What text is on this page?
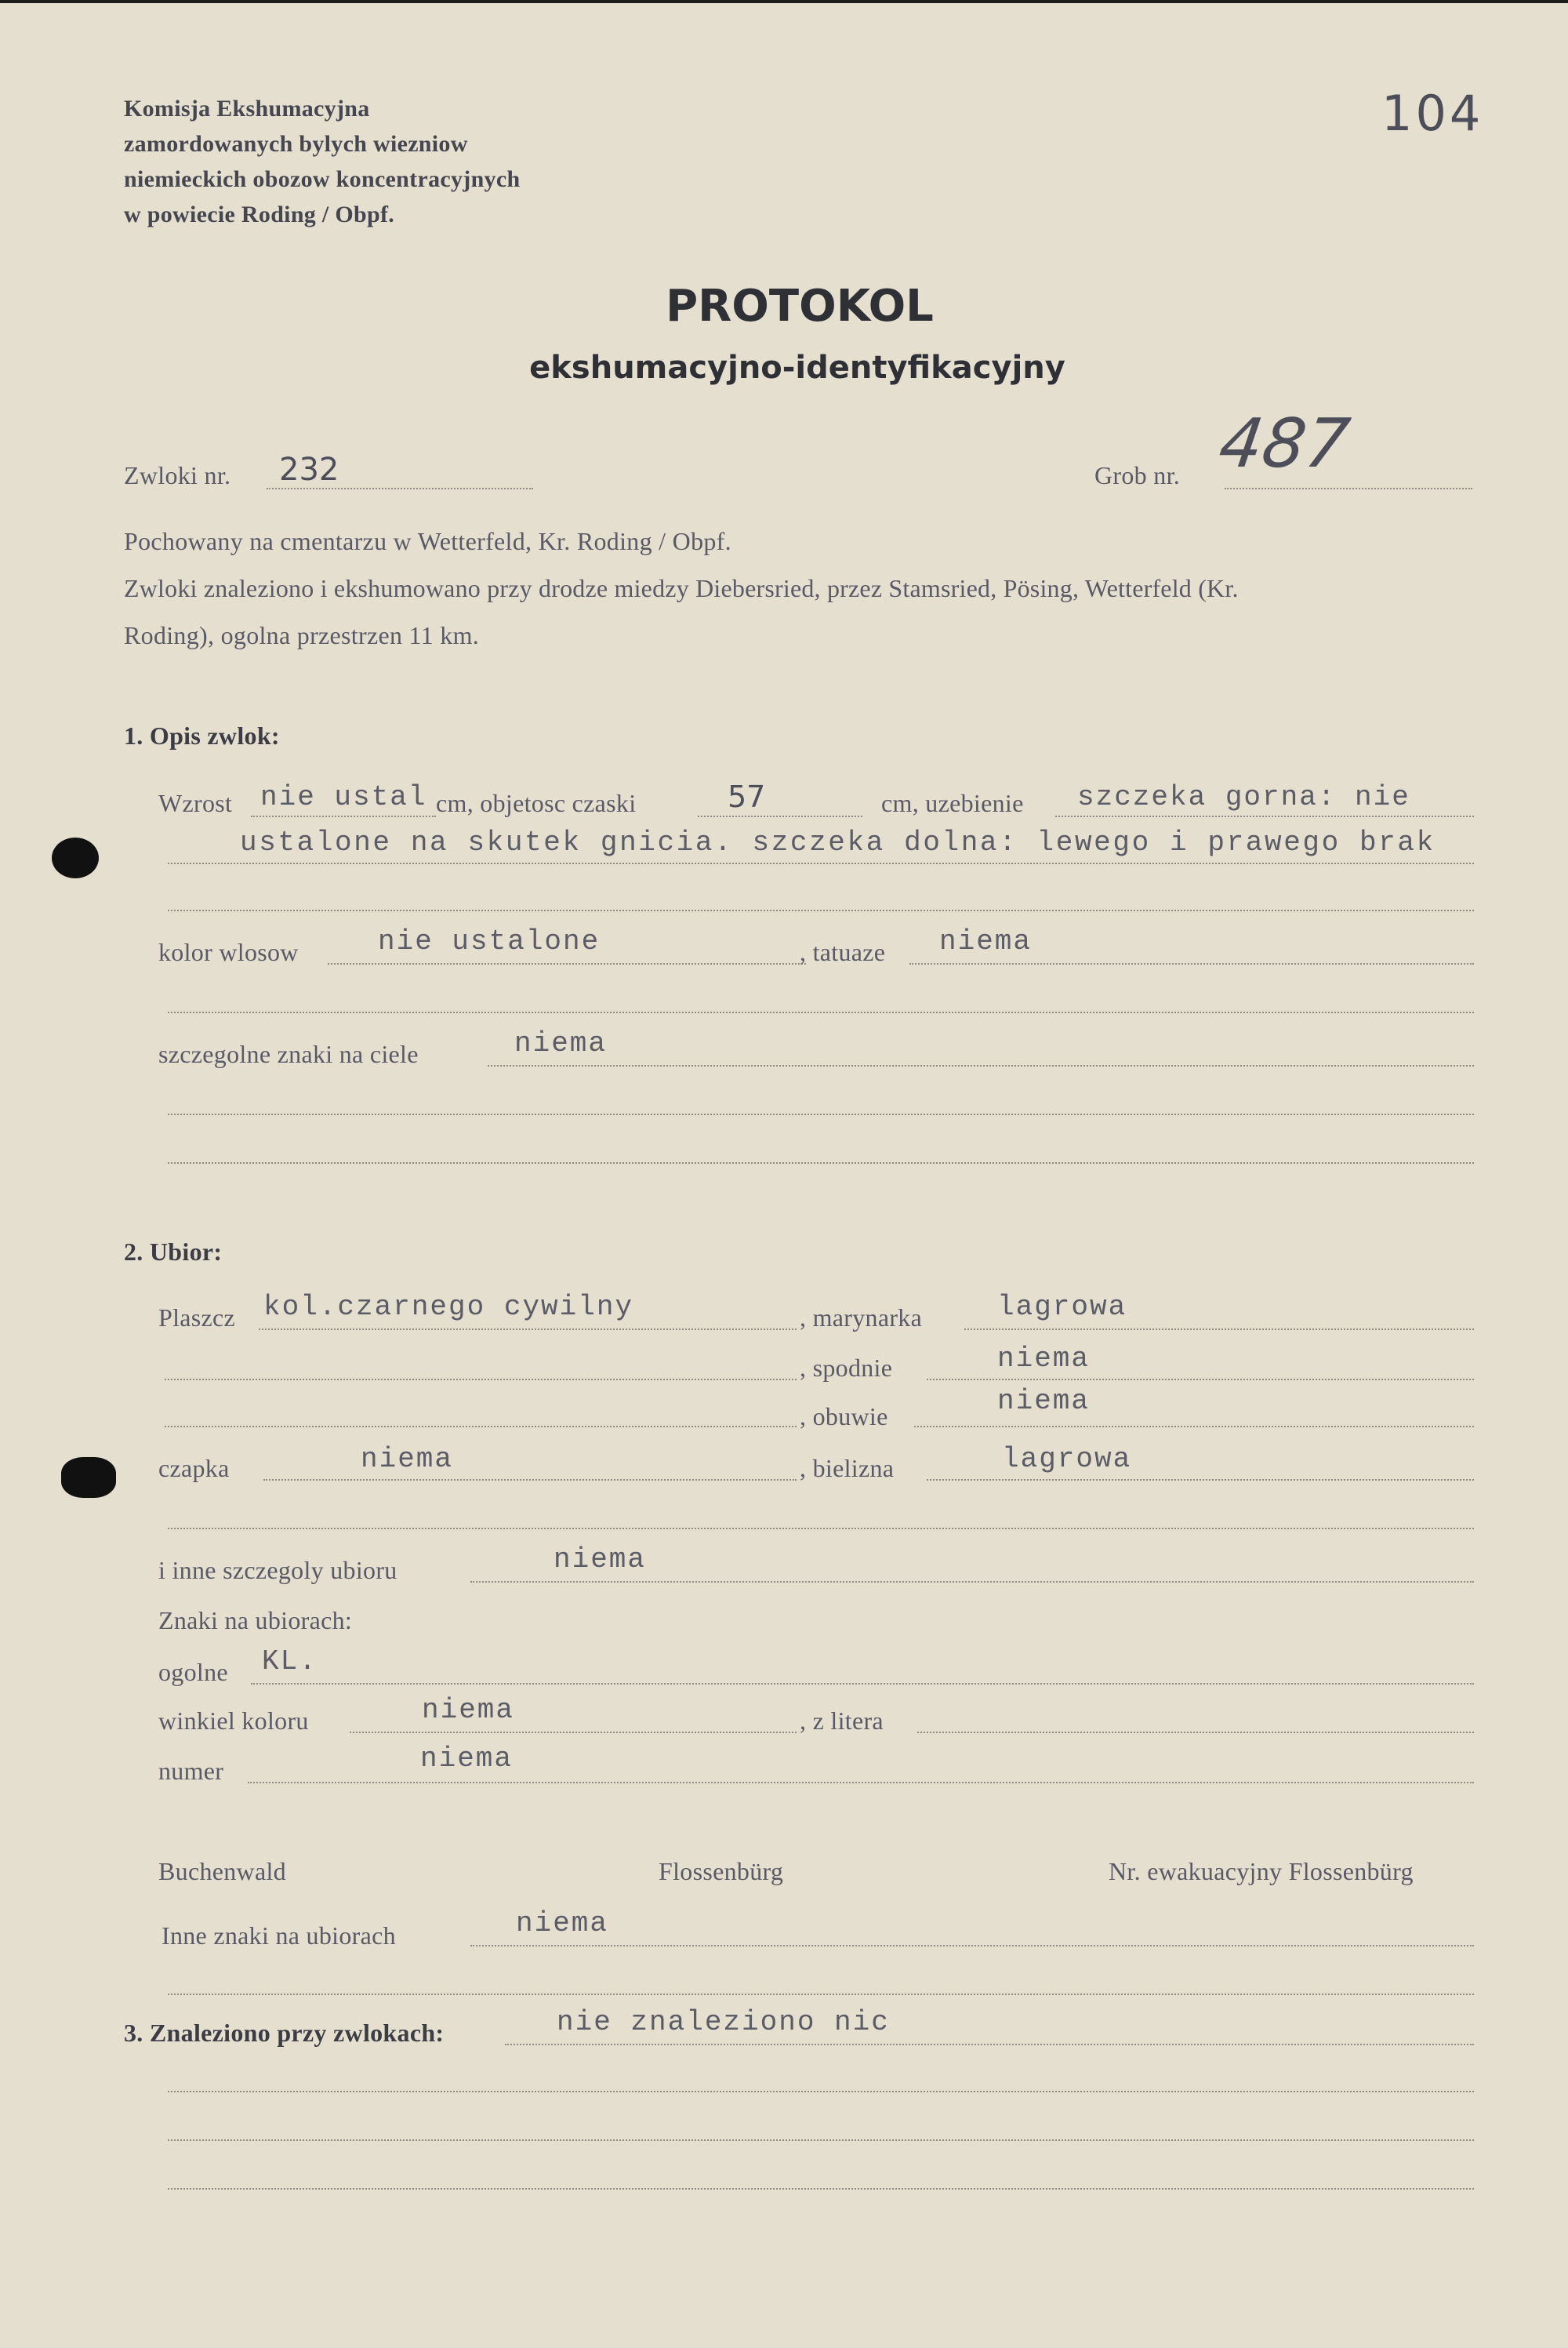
104
Komisja Ekshumacyjna
zamordowanych bylych wiezniow
niemieckich obozow koncentracyjnych
w powiecie Roding / Obpf.
PROTOKOL
ekshumacyjno-identyfikacyjny
Zwloki nr. 232	Grob nr. 487
Pochowany na cmentarzu w Wetterfeld, Kr. Roding / Obpf.
Zwloki znaleziono i ekshumowano przy drodze miedzy Diebersried, przez Stamsried, Pösing, Wetterfeld (Kr.
Roding), ogolna przestrzen 11 km.
1. Opis zwlok:
Wzrost nie ustal cm, objetosc czaski	57	cm, uzebienie szczeka gorna: nie
ustalone na skutek gnicia. szczeka dolna: lewego i prawego brak
kolor wlosow	nie ustalone	, tatuaze niema
szczegolne znaki na ciele	niema
2. Ubior:
Plaszcz kol.czarnego cywilny	, marynarka	lagrowa
, spodnie	niema
, obuwie	niema
czapka	niema	, bielizna	lagrowa
i inne szczegoly ubioru	niema
Znaki na ubiorach:
ogolne KL.
winkiel koloru	niema	, z litera
numer	niema
Buchenwald	Flossenbürg	Nr. ewakuacyjny Flossenbürg
Inne znaki na ubiorach	niema
3. Znaleziono przy zwlokach:	nie znaleziono nic
